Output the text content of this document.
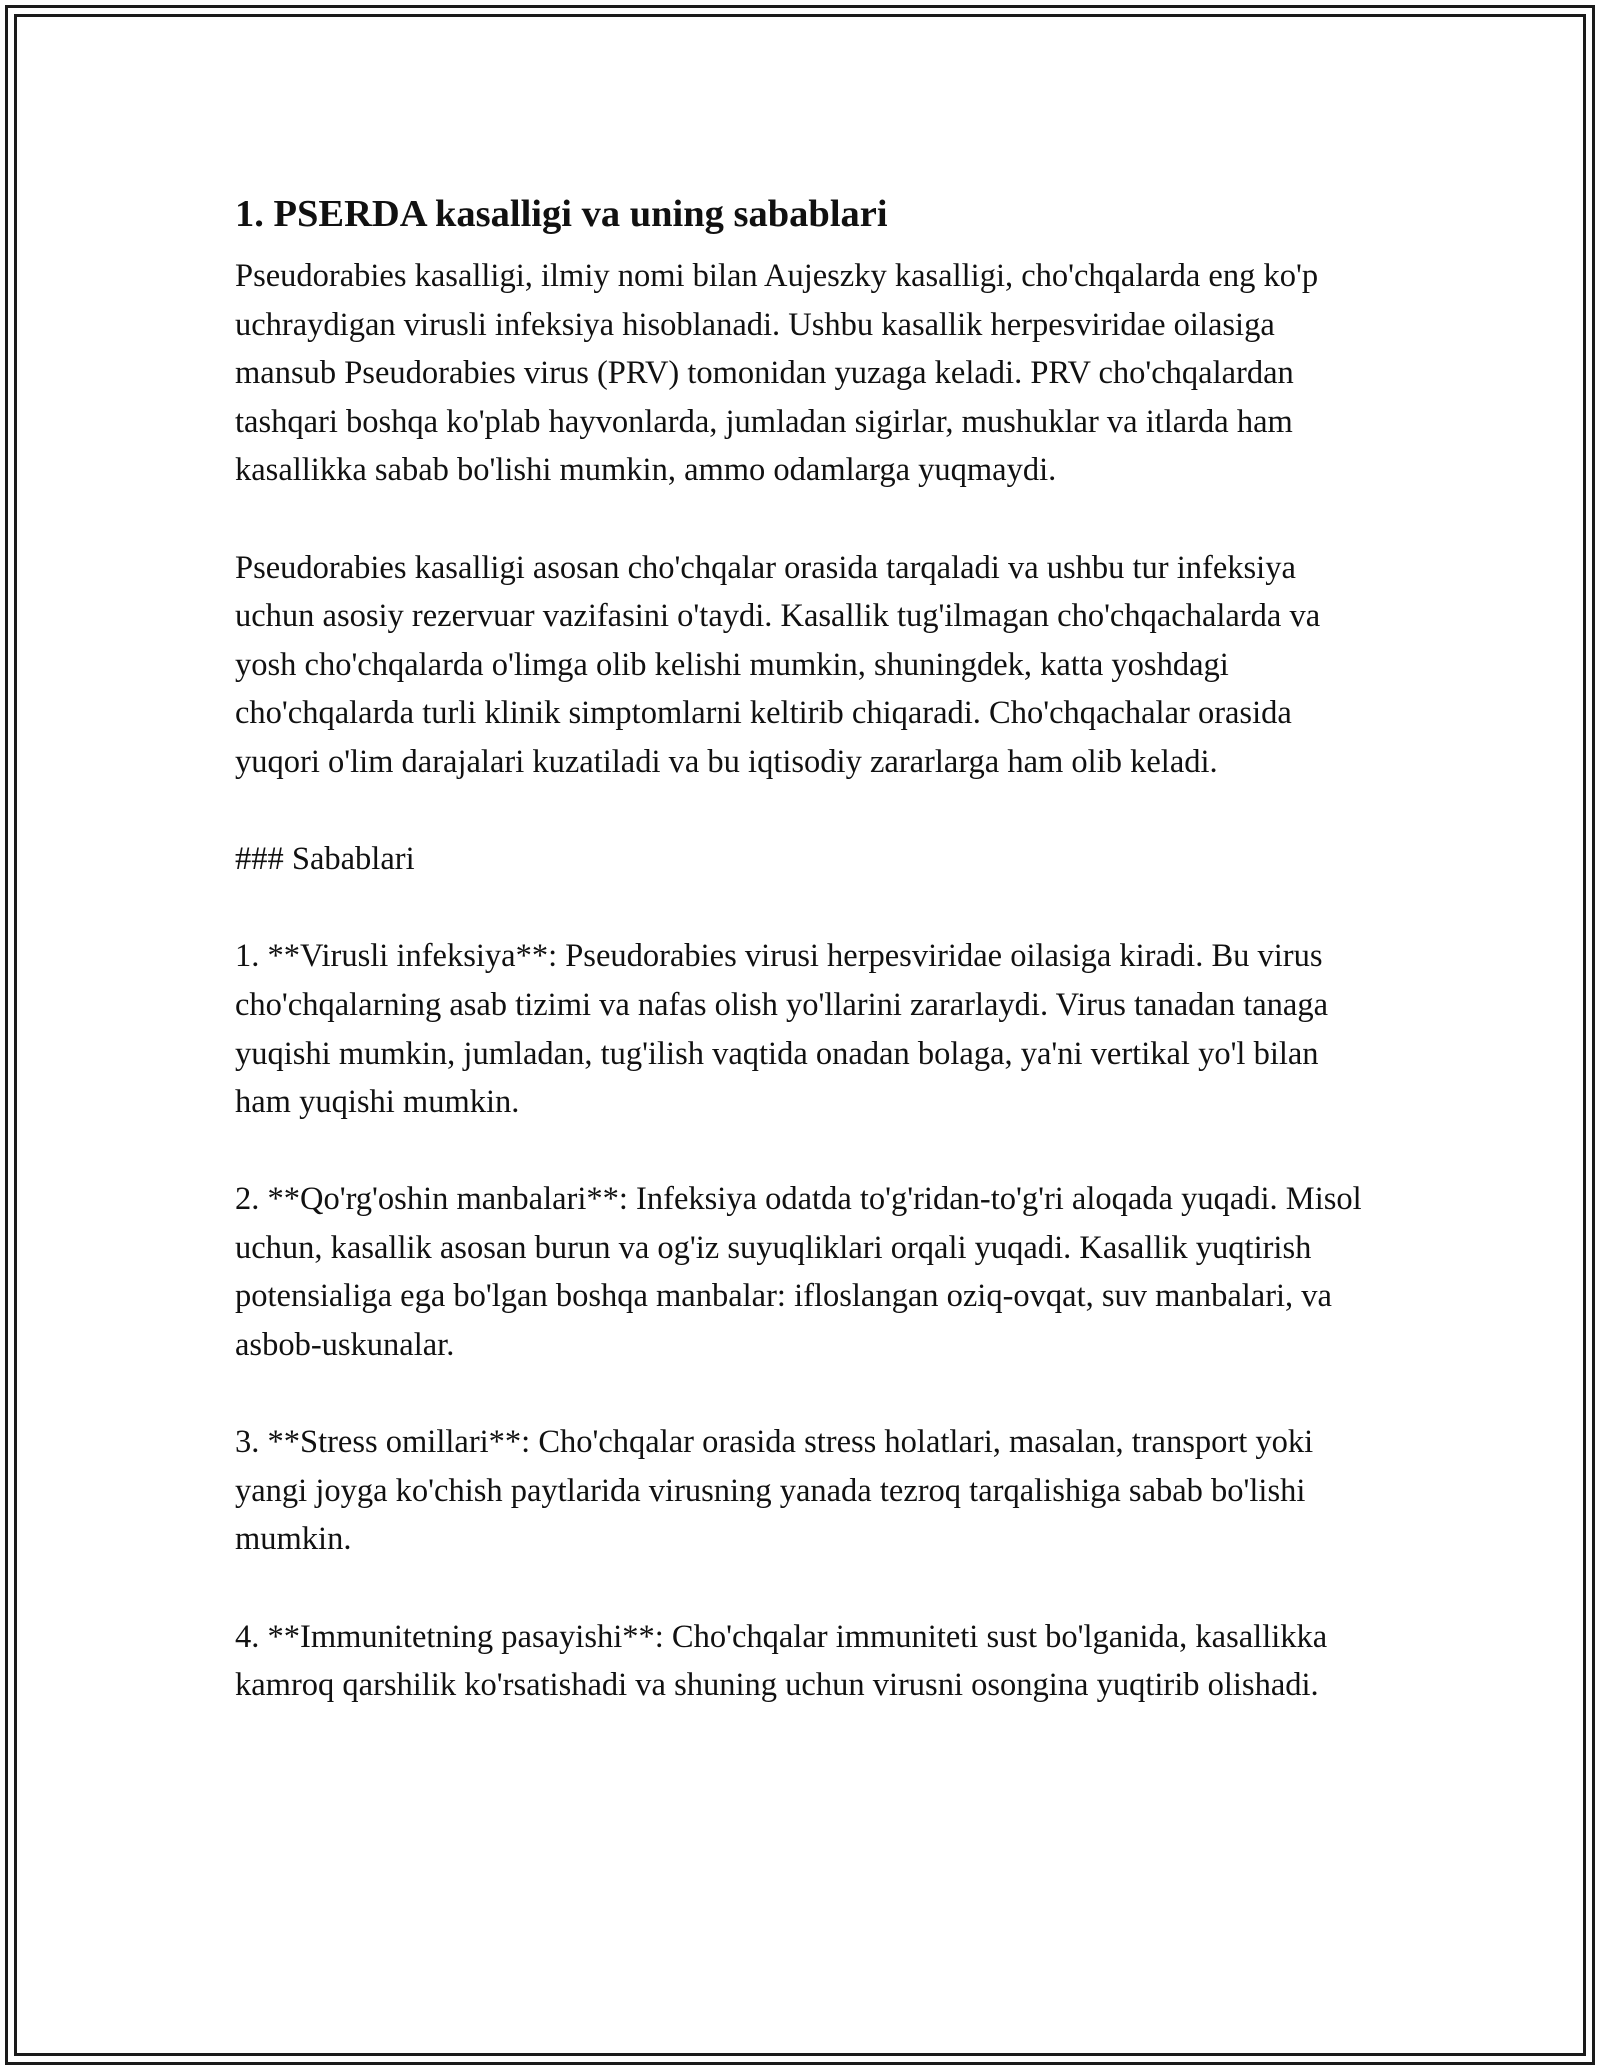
1. PSERDA kasalligi va uning sabablari

Pseudorabies kasalligi, ilmiy nomi bilan Aujeszky kasalligi, cho'chqalarda eng ko'p uchraydigan virusli infeksiya hisoblanadi. Ushbu kasallik herpesviridae oilasiga mansub Pseudorabies virus (PRV) tomonidan yuzaga keladi. PRV cho'chqalardan tashqari boshqa ko'plab hayvonlarda, jumladan sigirlar, mushuklar va itlarda ham kasallikka sabab bo'lishi mumkin, ammo odamlarga yuqmaydi.

Pseudorabies kasalligi asosan cho'chqalar orasida tarqaladi va ushbu tur infeksiya uchun asosiy rezervuar vazifasini o'taydi. Kasallik tug'ilmagan cho'chqachalarda va yosh cho'chqalarda o'limga olib kelishi mumkin, shuningdek, katta yoshdagi cho'chqalarda turli klinik simptomlarni keltirib chiqaradi. Cho'chqachalar orasida yuqori o'lim darajalari kuzatiladi va bu iqtisodiy zararlarga ham olib keladi.

### Sabablari

1. **Virusli infeksiya**: Pseudorabies virusi herpesviridae oilasiga kiradi. Bu virus cho'chqalarning asab tizimi va nafas olish yo'llarini zararlaydi. Virus tanadan tanaga yuqishi mumkin, jumladan, tug'ilish vaqtida onadan bolaga, ya'ni vertikal yo'l bilan ham yuqishi mumkin.

2. **Qo'rg'oshin manbalari**: Infeksiya odatda to'g'ridan-to'g'ri aloqada yuqadi. Misol uchun, kasallik asosan burun va og'iz suyuqliklari orqali yuqadi. Kasallik yuqtirish potensialiga ega bo'lgan boshqa manbalar: ifloslangan oziq-ovqat, suv manbalari, va asbob-uskunalar.

3. **Stress omillari**: Cho'chqalar orasida stress holatlari, masalan, transport yoki yangi joyga ko'chish paytlarida virusning yanada tezroq tarqalishiga sabab bo'lishi mumkin.

4. **Immunitetning pasayishi**: Cho'chqalar immuniteti sust bo'lganida, kasallikka kamroq qarshilik ko'rsatishadi va shuning uchun virusni osongina yuqtirib olishadi.
